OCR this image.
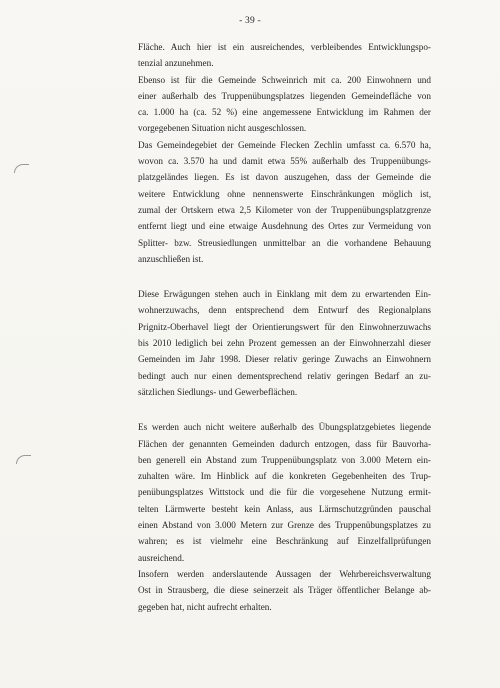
- 39 -
Fläche. Auch hier ist ein ausreichendes, verbleibendes Entwicklungspo-
tenzial anzunehmen.
Ebenso ist für die Gemeinde Schweinrich mit ca. 200 Einwohnern und
einer außerhalb des Truppenübungsplatzes liegenden Gemeindefläche von
ca. 1.000 ha (ca. 52 %) eine angemessene Entwicklung im Rahmen der
vorgegebenen Situation nicht ausgeschlossen.
Das Gemeindegebiet der Gemeinde Flecken Zechlin umfasst ca. 6.570 ha,
wovon ca. 3.570 ha und damit etwa 55% außerhalb des Truppenübungs-
platzgeländes liegen. Es ist davon auszugehen, dass der Gemeinde die
weitere Entwicklung ohne nennenswerte Einschränkungen möglich ist,
zumal der Ortskern etwa 2,5 Kilometer von der Truppenübungsplatzgrenze
entfernt liegt und eine etwaige Ausdehnung des Ortes zur Vermeidung von
Splitter- bzw. Streusiedlungen unmittelbar an die vorhandene Behauung
anzuschließen ist.
Diese Erwägungen stehen auch in Einklang mit dem zu erwartenden Ein-
wohnerzuwachs, denn entsprechend dem Entwurf des Regionalplans
Prignitz-Oberhavel liegt der Orientierungswert für den Einwohnerzuwachs
bis 2010 lediglich bei zehn Prozent gemessen an der Einwohnerzahl dieser
Gemeinden im Jahr 1998. Dieser relativ geringe Zuwachs an Einwohnern
bedingt auch nur einen dementsprechend relativ geringen Bedarf an zu-
sätzlichen Siedlungs- und Gewerbeflächen.
Es werden auch nicht weitere außerhalb des Übungsplatzgebietes liegende
Flächen der genannten Gemeinden dadurch entzogen, dass für Bauvorha-
ben generell ein Abstand zum Truppenübungsplatz von 3.000 Metern ein-
zuhalten wäre. Im Hinblick auf die konkreten Gegebenheiten des Trup-
penübungsplatzes Wittstock und die für die vorgesehene Nutzung ermit-
telten Lärmwerte besteht kein Anlass, aus Lärmschutzgründen pauschal
einen Abstand von 3.000 Metern zur Grenze des Truppenübungsplatzes zu
wahren; es ist vielmehr eine Beschränkung auf Einzelfallprüfungen
ausreichend.
Insofern werden anderslautende Aussagen der Wehrbereichsverwaltung
Ost in Strausberg, die diese seinerzeit als Träger öffentlicher Belange ab-
gegeben hat, nicht aufrecht erhalten.
